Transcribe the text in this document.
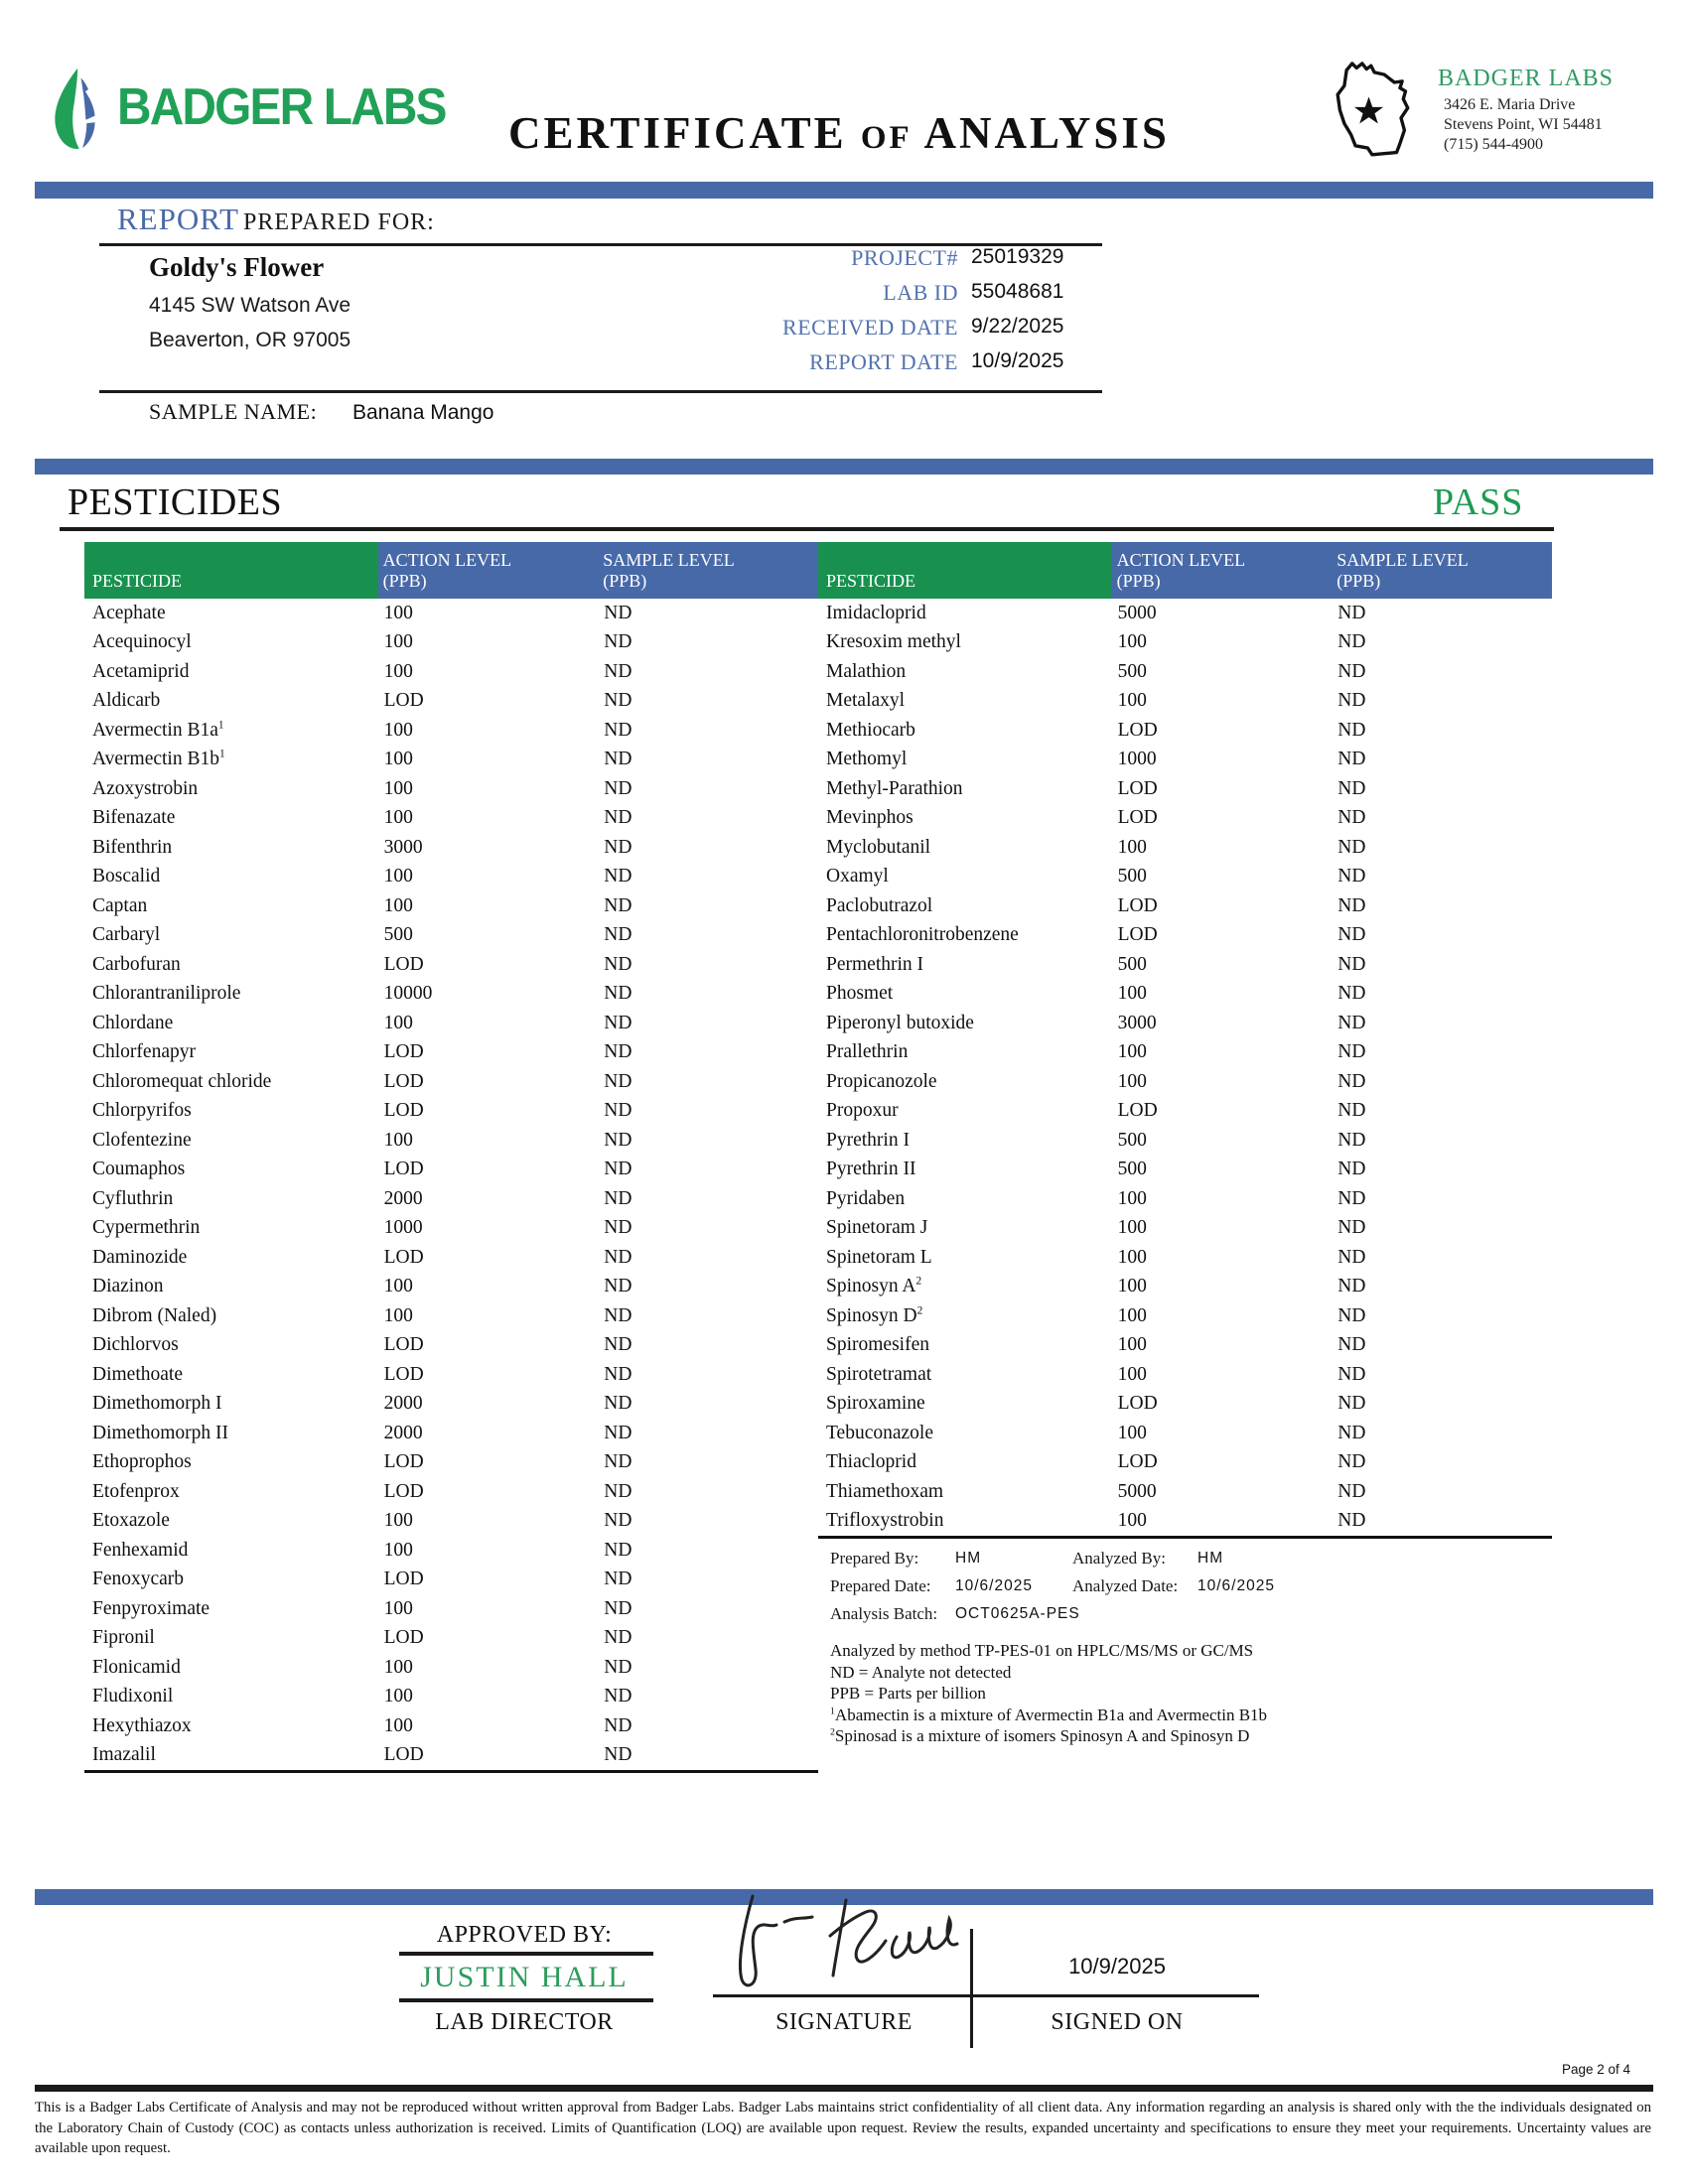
BADGER LABS CERTIFICATE OF ANALYSIS
BADGER LABS
3426 E. Maria Drive
Stevens Point, WI 54481
(715) 544-4900
REPORT PREPARED FOR:
Goldy's Flower
4145 SW Watson Ave
Beaverton, OR 97005
PROJECT# 25019329
LAB ID 55048681
RECEIVED DATE 9/22/2025
REPORT DATE 10/9/2025
SAMPLE NAME: Banana Mango
PESTICIDES	PASS
PESTICIDE
ACTION LEVEL
(PPB)
SAMPLE LEVEL
(PPB)
Acephate	100	ND
Acequinocyl	100	ND
Acetamiprid	100	ND
Aldicarb	LOD	ND
Avermectin $B1a^1$	100	ND
Avermectin $B1b^1$	100	ND
Azoxystrobin	100	ND
Bifenazate	100	ND
Bifenthrin	3000	ND
Boscalid	100	ND
Captan	100	ND
Carbaryl	500	ND
Carbofuran	LOD	ND
Chlorantraniliprole	10000	ND
Chlordane	100	ND
Chlorfenapyr	LOD	ND
Chloromequat chloride	LOD	ND
Chlorpyrifos	LOD	ND
Clofentezine	100	ND
Coumaphos	LOD	ND
Cyfluthrin	2000	ND
Cypermethrin	1000	ND
Daminozide	LOD	ND
Diazinon	100	ND
Dibrom (Naled)	100	ND
Dichlorvos	LOD	ND
Dimethoate	LOD	ND
Dimethomorph I	2000	ND
Dimethomorph II	2000	ND
Ethoprophos	LOD	ND
Etofenprox	LOD	ND
Etoxazole	100	ND
Fenhexamid	100	ND
Fenoxycarb	LOD	ND
Fenpyroximate	100	ND
Fipronil	LOD	ND
Flonicamid	100	ND
Fludixonil	100	ND
Hexythiazox	100	ND
Imazalil	LOD	ND
PESTICIDE
ACTION LEVEL
(PPB)
SAMPLE LEVEL
(PPB)
Imidacloprid	5000	ND
Kresoxim methyl	100	ND
Malathion	500	ND
Metalaxyl	100	ND
Methiocarb	LOD	ND
Methomyl	1000	ND
Methyl-Parathion	LOD	ND
Mevinphos	LOD	ND
Myclobutanil	100	ND
Oxamyl	500	ND
Paclobutrazol	LOD	ND
Pentachloronitrobenzene	LOD	ND
Permethrin I	500	ND
Phosmet	100	ND
Piperonyl butoxide	3000	ND
Prallethrin	100	ND
Propicanozole	100	ND
Propoxur	LOD	ND
Pyrethrin I	500	ND
Pyrethrin II	500	ND
Pyridaben	100	ND
Spinetoram J	100	ND
Spinetoram L	100	ND
Spinosyn $A^2$	100	ND
Spinosyn $D^2$	100	ND
Spiromesifen	100	ND
Spirotetramat	100	ND
Spiroxamine	LOD	ND
Tebuconazole	100	ND
Thiacloprid	LOD	ND
Thiamethoxam	5000	ND
Trifloxystrobin	100	ND
Prepared By: HM	Analyzed By: HM
Prepared Date: 10/6/2025 Analyzed Date: 10/6/2025
Analysis Batch: OCT0625A-PES
Analyzed by method TP-PES-01 on HPLC/MS/MS or GC/MS
ND = Analyte not detected
PPB = Parts per billion
$^1$Abamectin is a mixture of Avermectin B1a and Avermectin B1b
$^2$Spinosad is a mixture of isomers Spinosyn A and Spinosyn D
APPROVED BY:
JUSTIN HALL
LAB DIRECTOR
10/9/2025
SIGNATURE	SIGNED ON
Page 2 of 4
This is a Badger Labs Certificate of Analysis and may not be reproduced without written approval from Badger Labs. Badger Labs maintains strict confidentiality of all client data. Any information regarding an analysis is shared only with the the individuals designated on the Laboratory Chain of Custody (COC) as contacts unless authorization is received. Limits of Quantification (LOQ) are available upon request. Review the results, expanded uncertainty and specifications to ensure they meet your requirements. Uncertainty values are available upon request.
